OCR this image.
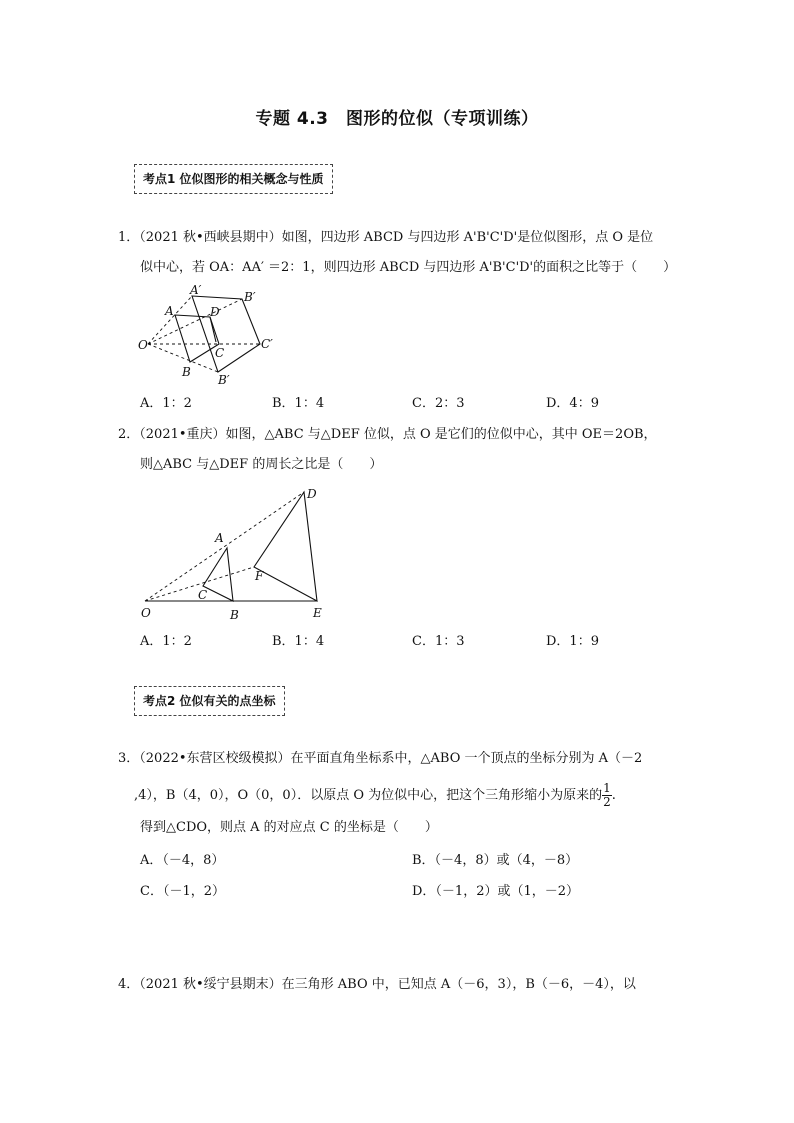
专题 4.3　图形的位似（专项训练）
考点1 位似图形的相关概念与性质
1．（2021 秋•西峡县期中）如图，四边形 ABCD 与四边形 A'B'C'D'是位似图形，点 O 是位
似中心，若 OA：AA′ ＝2：1，则四边形 ABCD 与四边形 A'B'C'D'的面积之比等于（　　）
A′	B′
A	D
O
C
C′
B
B′
A．1：2	B．1：4	C．2：3	D．4：9
2．（2021•重庆）如图，△ABC 与△DEF 位似，点 O 是它们的位似中心，其中 OE＝2OB，
则△ABC 与△DEF 的周长之比是（　　）
D
A
F
C
O	B	E
A．1：2	B．1：4	C．1：3	D．1：9
考点2 位似有关的点坐标
3．（2022•东营区校级模拟）在平面直角坐标系中，△ABO 一个顶点的坐标分别为 A（－2
,4），B（4，0），O（0，0）．以原点 O 为位似中心，把这个三角形缩小为原来的 $\frac{1}{2}$ .
得到△CDO，则点 A 的对应点 C 的坐标是（　　）
A．（－4，8）	B．（－4，8）或（4，－8）
C．（－1，2）	D．（－1，2）或（1，－2）
4．（2021 秋•绥宁县期末）在三角形 ABO 中，已知点 A（－6，3），B（－6，－4），以
